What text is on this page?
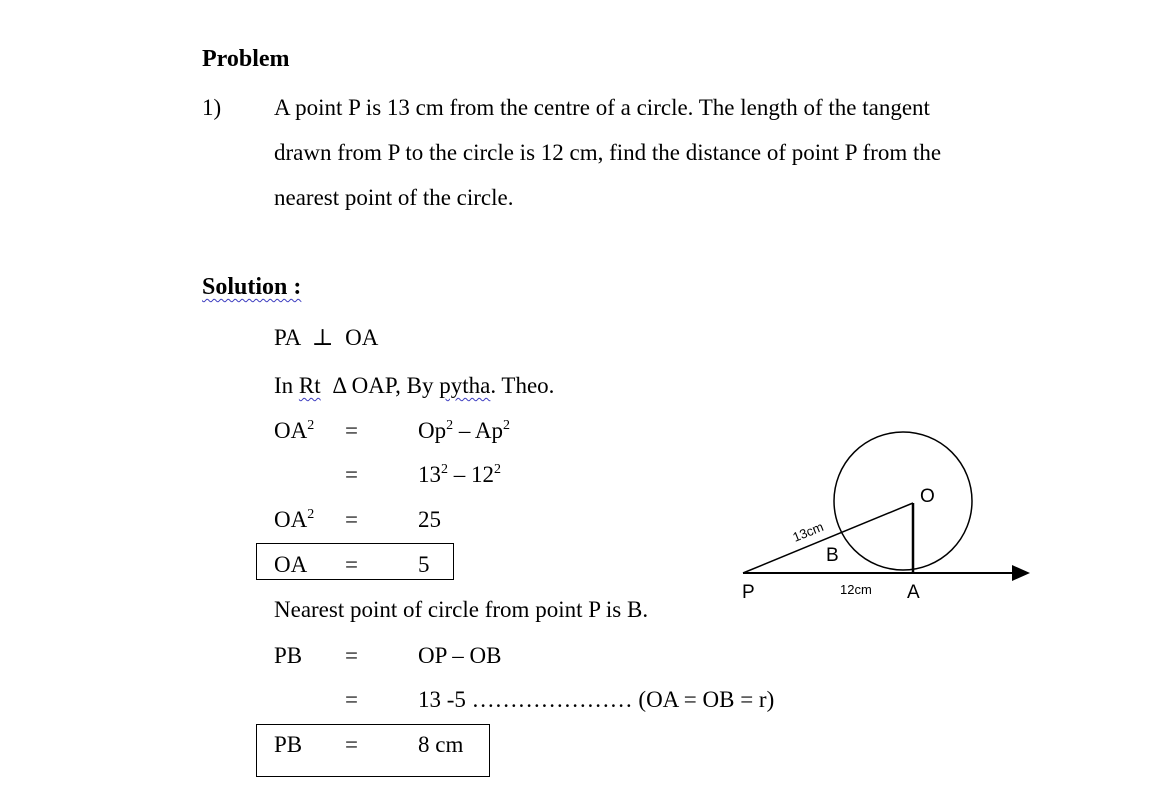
Problem
1) A point P is 13 cm from the centre of a circle. The length of the tangent
drawn from P to the circle is 12 cm, find the distance of point P from the
nearest point of the circle.
Solution :
PA ⊥ OA
In Rt Δ OAP, By pytha. Theo.
$OA^2$ =	$Op^2 - Ap^2$
=	$13^2 - 12^2$
$OA^2$ =	25
OA =	5
Nearest point of circle from point P is B.
PB =	OP – OB
=	13 -5 ………………… (OA = OB = r)
PB =	8 cm
O
B
P	A
12cm
13cm
